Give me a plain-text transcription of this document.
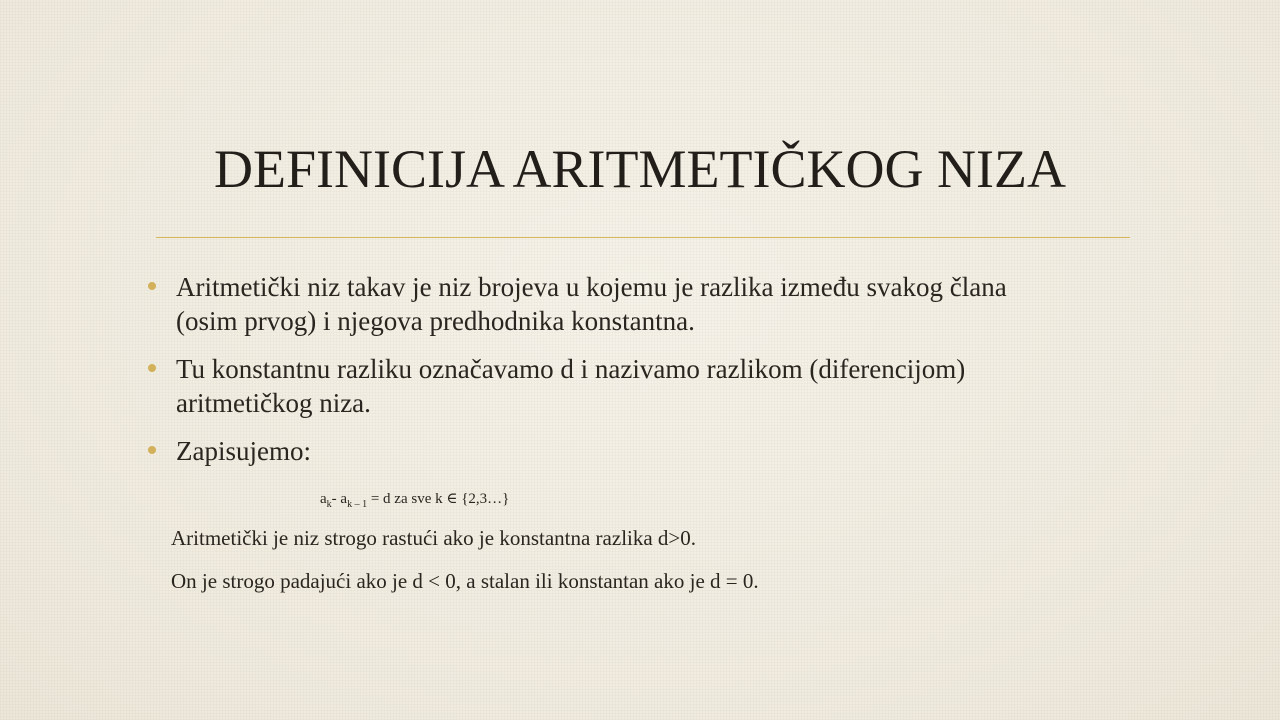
DEFINICIJA ARITMETIČKOG NIZA
Aritmetički niz takav je niz brojeva u kojemu je razlika između svakog člana
(osim prvog) i njegova predhodnika konstantna.
Tu konstantnu razliku označavamo d i nazivamo razlikom (diferencijom)
aritmetičkog niza.
Zapisujemo:
$a_k-$ $a_{k - 1} = d$ za sve k ∈ {2,3…}
Aritmetički je niz strogo rastući ako je konstantna razlika d>0.
On je strogo padajući ako je d < 0, a stalan ili konstantan ako je d = 0.
